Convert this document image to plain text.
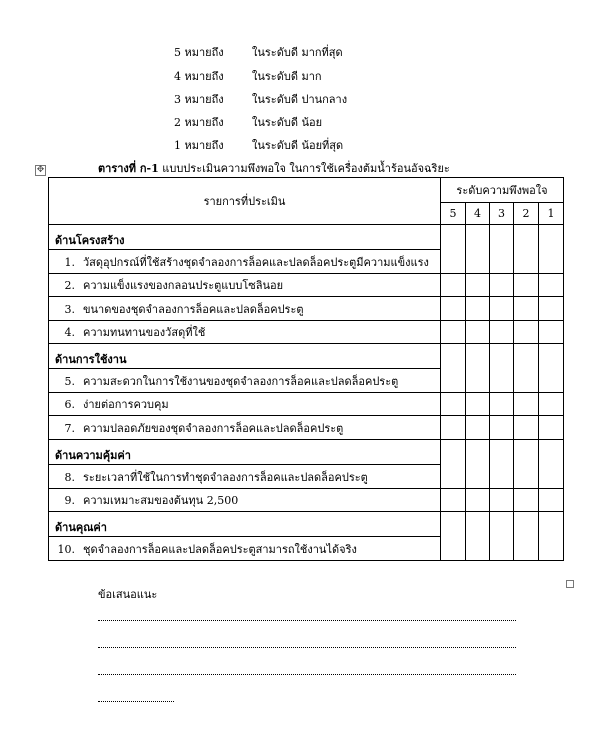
5 หมายถึง	ในระดับดี มากที่สุด
4 หมายถึง	ในระดับดี มาก
3 หมายถึง	ในระดับดี ปานกลาง
2 หมายถึง	ในระดับดี น้อย
1 หมายถึง	ในระดับดี น้อยที่สุด
✥	ตารางที่ ก-1 แบบประเมินความพึงพอใจ ในการใช้เครื่องต้มน้ำร้อนอัจฉริยะ
รายการที่ประเมิน	ระดับความพึงพอใจ				
	5	4	3	2	1
ด้านโครงสร้าง					
1. วัสดุอุปกรณ์ที่ใช้สร้างชุดจำลองการล็อคและปลดล็อคประตูมีความแข็งแรง					
2. ความแข็งแรงของกลอนประตูแบบโซลินอย					
3. ขนาดของชุดจำลองการล็อคและปลดล็อคประตู					
4. ความทนทานของวัสดุที่ใช้					
ด้านการใช้งาน					
5. ความสะดวกในการใช้งานของชุดจำลองการล็อคและปลดล็อคประตู					
6. ง่ายต่อการควบคุม					
7. ความปลอดภัยของชุดจำลองการล็อคและปลดล็อคประตู					
ด้านความคุ้มค่า					
8. ระยะเวลาที่ใช้ในการทำชุดจำลองการล็อคและปลดล็อคประตู					
9. ความเหมาะสมของต้นทุน 2,500					
ด้านคุณค่า					
10. ชุดจำลองการล็อคและปลดล็อคประตูสามารถใช้งานได้จริง					
ข้อเสนอแนะ
